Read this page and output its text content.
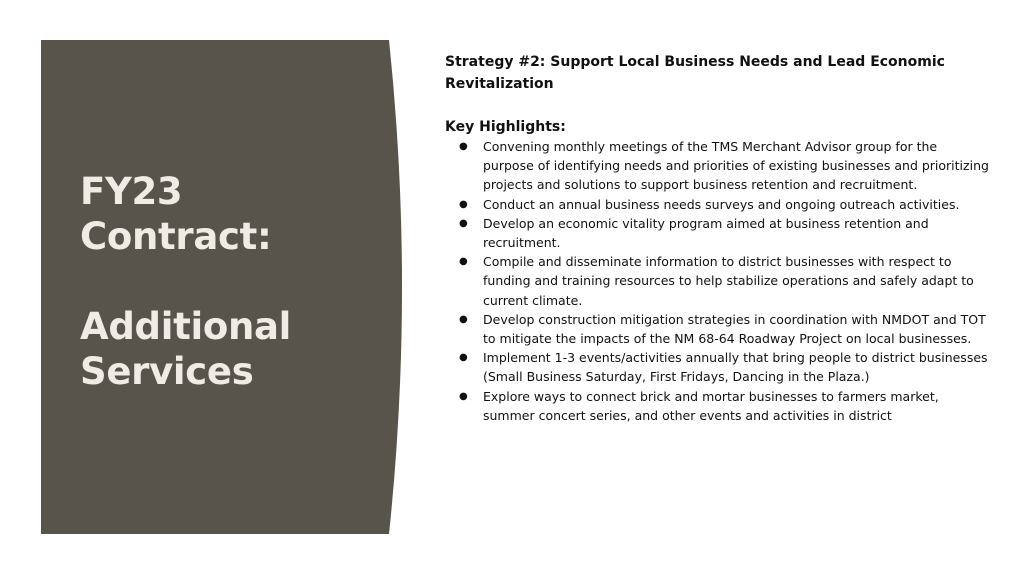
FY23
Contract:
Additional
Services
Strategy #2: Support Local Business Needs and Lead Economic Revitalization
Key Highlights:
● Convening monthly meetings of the TMS Merchant Advisor group for the purpose of identifying needs and priorities of existing businesses and prioritizing projects and solutions to support business retention and recruitment.
● Conduct an annual business needs surveys and ongoing outreach activities.
● Develop an economic vitality program aimed at business retention and recruitment.
● Compile and disseminate information to district businesses with respect to funding and training resources to help stabilize operations and safely adapt to current climate.
● Develop construction mitigation strategies in coordination with NMDOT and TOT to mitigate the impacts of the NM 68-64 Roadway Project on local businesses.
● Implement 1-3 events/activities annually that bring people to district businesses (Small Business Saturday, First Fridays, Dancing in the Plaza.)
● Explore ways to connect brick and mortar businesses to farmers market, summer concert series, and other events and activities in district
